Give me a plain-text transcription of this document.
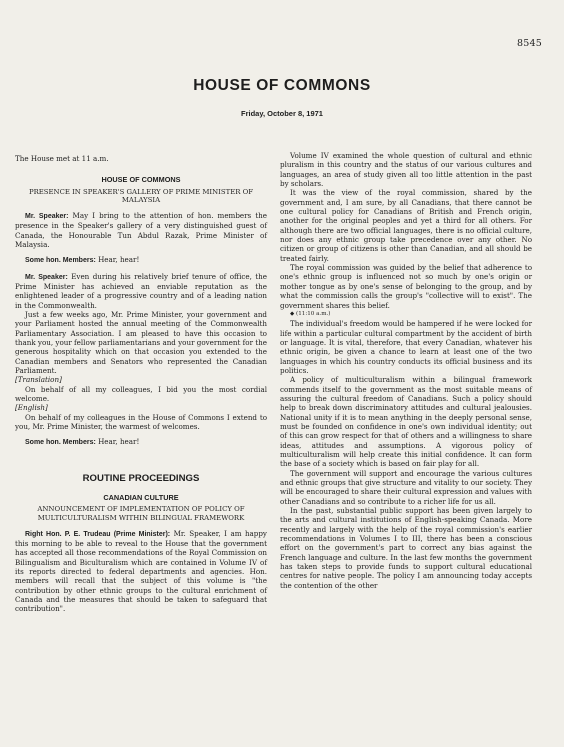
8545
HOUSE OF COMMONS
Friday, October 8, 1971

The House met at 11 a.m.

HOUSE OF COMMONS
PRESENCE IN SPEAKER'S GALLERY OF PRIME MINISTER OF MALAYSIA

Mr. Speaker: May I bring to the attention of hon. members the presence in the Speaker's gallery of a very distinguished guest of Canada, the Honourable Tun Abdul Razak, Prime Minister of Malaysia.

Some hon. Members: Hear, hear!

Mr. Speaker: Even during his relatively brief tenure of office, the Prime Minister has achieved an enviable reputation as the enlightened leader of a progressive country and of a leading nation in the Commonwealth.

Just a few weeks ago, Mr. Prime Minister, your government and your Parliament hosted the annual meeting of the Commonwealth Parliamentary Association. I am pleased to have this occasion to thank you, your fellow parliamentarians and your government for the generous hospitality which on that occasion you extended to the Canadian members and Senators who represented the Canadian Parliament.

[Translation]

On behalf of all my colleagues, I bid you the most cordial welcome.

[English]

On behalf of my colleagues in the House of Commons I extend to you, Mr. Prime Minister, the warmest of welcomes.

Some hon. Members: Hear, hear!

ROUTINE PROCEEDINGS
CANADIAN CULTURE
ANNOUNCEMENT OF IMPLEMENTATION OF POLICY OF MULTICULTURALISM WITHIN BILINGUAL FRAMEWORK

Right Hon. P. E. Trudeau (Prime Minister): Mr. Speaker, I am happy this morning to be able to reveal to the House that the government has accepted all those recommendations of the Royal Commission on Bilingualism and Biculturalism which are contained in Volume IV of its reports directed to federal departments and agencies. Hon. members will recall that the subject of this volume is "the contribution by other ethnic groups to the cultural enrichment of Canada and the measures that should be taken to safeguard that contribution".

Volume IV examined the whole question of cultural and ethnic pluralism in this country and the status of our various cultures and languages, an area of study given all too little attention in the past by scholars.

It was the view of the royal commission, shared by the government and, I am sure, by all Canadians, that there cannot be one cultural policy for Canadians of British and French origin, another for the original peoples and yet a third for all others. For although there are two official languages, there is no official culture, nor does any ethnic group take precedence over any other. No citizen or group of citizens is other than Canadian, and all should be treated fairly.

The royal commission was guided by the belief that adherence to one's ethnic group is influenced not so much by one's origin or mother tongue as by one's sense of belonging to the group, and by what the commission calls the group's "collective will to exist". The government shares this belief.

◆ (11:10 a.m.)

The individual's freedom would be hampered if he were locked for life within a particular cultural compartment by the accident of birth or language. It is vital, therefore, that every Canadian, whatever his ethnic origin, be given a chance to learn at least one of the two languages in which his country conducts its official business and its politics.

A policy of multiculturalism within a bilingual framework commends itself to the government as the most suitable means of assuring the cultural freedom of Canadians. Such a policy should help to break down discriminatory attitudes and cultural jealousies. National unity if it is to mean anything in the deeply personal sense, must be founded on confidence in one's own individual identity; out of this can grow respect for that of others and a willingness to share ideas, attitudes and assumptions. A vigorous policy of multiculturalism will help create this initial confidence. It can form the base of a society which is based on fair play for all.

The government will support and encourage the various cultures and ethnic groups that give structure and vitality to our society. They will be encouraged to share their cultural expression and values with other Canadians and so contribute to a richer life for us all.

In the past, substantial public support has been given largely to the arts and cultural institutions of English-speaking Canada. More recently and largely with the help of the royal commission's earlier recommendations in Volumes I to III, there has been a conscious effort on the government's part to correct any bias against the French language and culture. In the last few months the government has taken steps to provide funds to support cultural educational centres for native people. The policy I am announcing today accepts the contention of the other
